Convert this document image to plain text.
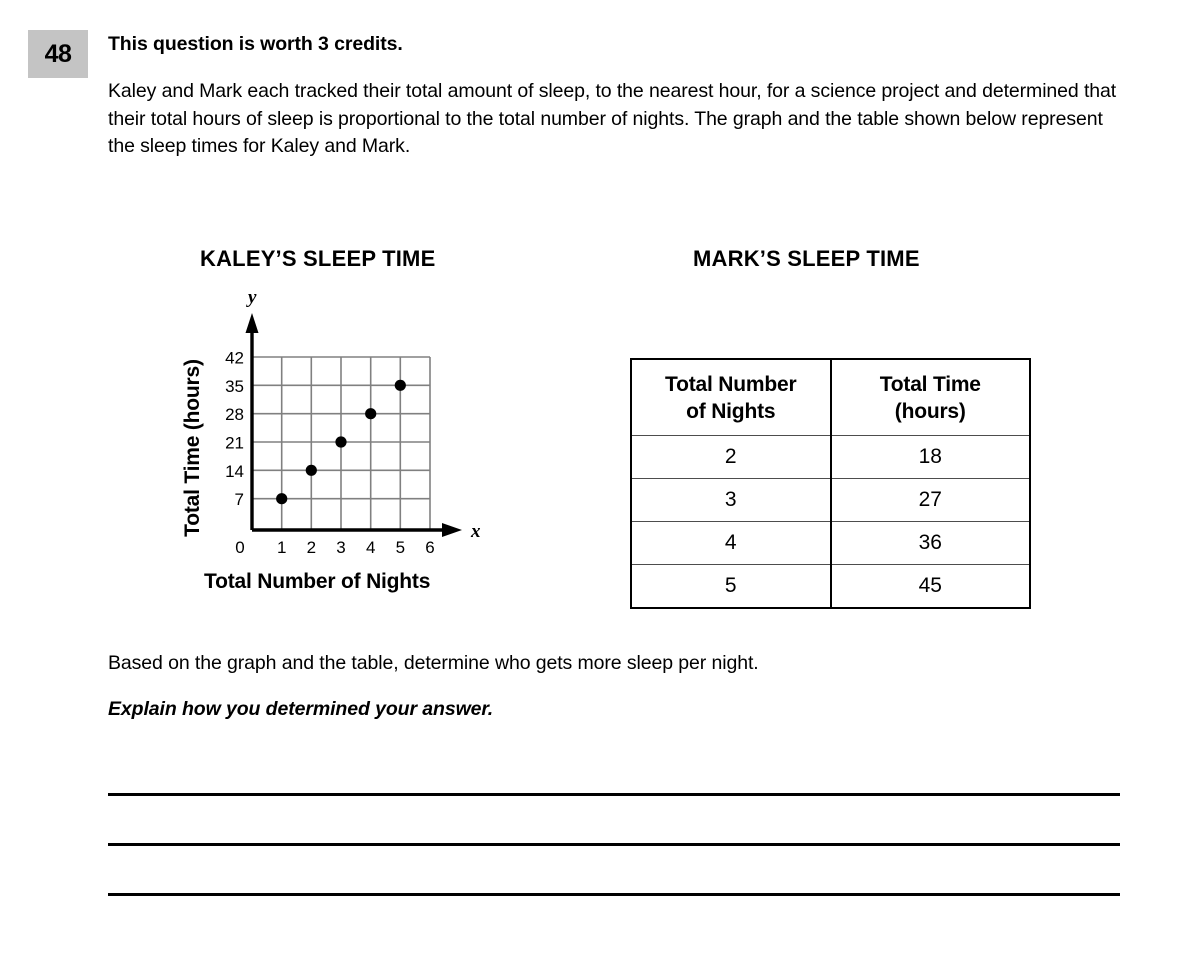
48 This question is worth 3 credits.
Kaley and Mark each tracked their total amount of sleep, to the nearest hour, for a science project and determined that their total hours of sleep is proportional to the total number of nights. The graph and the table shown below represent the sleep times for Kaley and Mark.
KALEY’S SLEEP TIME
y
x
42
35
28
21
14
7
0 1 2 3 4 5 6
Total Number of Nights
Total Time (hours)
MARK’S SLEEP TIME
Total Number
of Nights

Total Time
(hours)

2	18
3	27
4	36
5	45
Based on the graph and the table, determine who gets more sleep per night.
Explain how you determined your answer.
